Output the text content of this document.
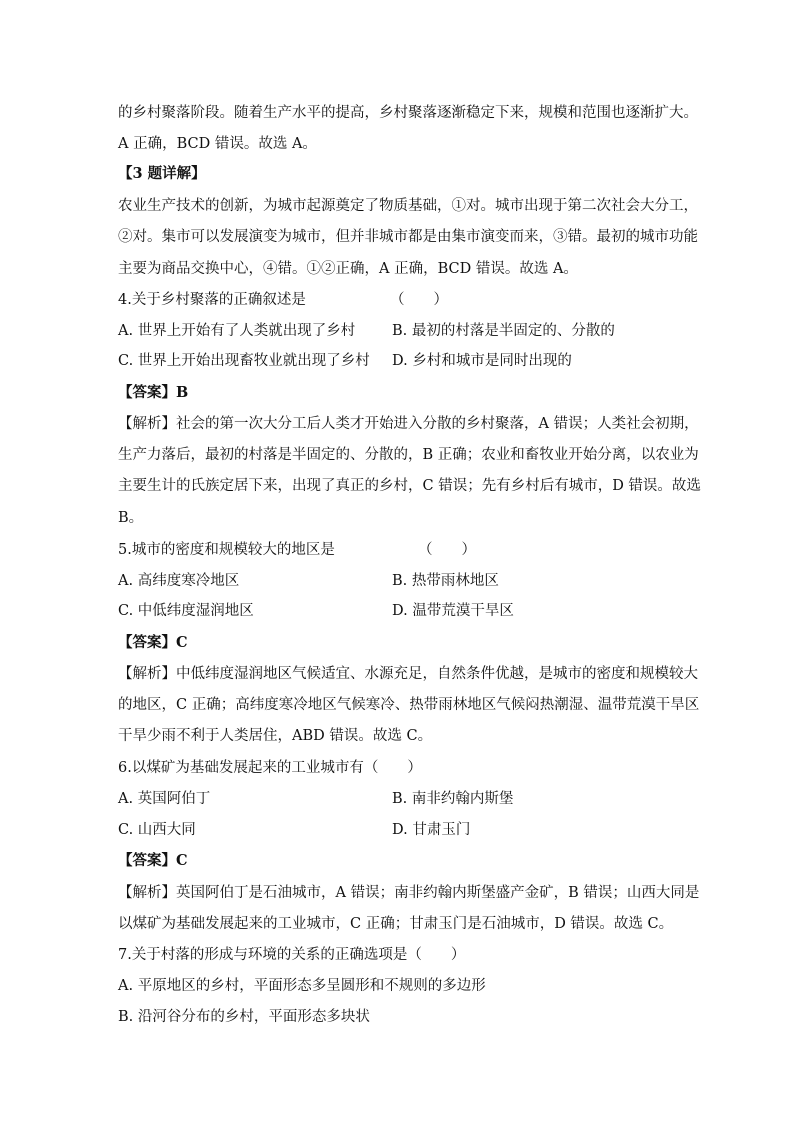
的乡村聚落阶段。随着生产水平的提高，乡村聚落逐渐稳定下来，规模和范围也逐渐扩大。
A 正确，BCD 错误。故选 A。
【3 题详解】
农业生产技术的创新，为城市起源奠定了物质基础，①对。城市出现于第二次社会大分工，
②对。集市可以发展演变为城市，但并非城市都是由集市演变而来，③错。最初的城市功能
主要为商品交换中心，④错。①②正确，A 正确，BCD 错误。故选 A。
4.关于乡村聚落的正确叙述是	（　　）
A. 世界上开始有了人类就出现了乡村	B. 最初的村落是半固定的、分散的
C. 世界上开始出现畜牧业就出现了乡村 D. 乡村和城市是同时出现的
【答案】B
【解析】社会的第一次大分工后人类才开始进入分散的乡村聚落，A 错误；人类社会初期，
生产力落后，最初的村落是半固定的、分散的，B 正确；农业和畜牧业开始分离，以农业为
主要生计的氏族定居下来，出现了真正的乡村，C 错误；先有乡村后有城市，D 错误。故选
B。
5.城市的密度和规模较大的地区是	（　　）
A. 高纬度寒冷地区	B. 热带雨林地区
C. 中低纬度湿润地区	D. 温带荒漠干旱区
【答案】C
【解析】中低纬度湿润地区气候适宜、水源充足，自然条件优越，是城市的密度和规模较大
的地区，C 正确；高纬度寒冷地区气候寒冷、热带雨林地区气候闷热潮湿、温带荒漠干旱区
干旱少雨不利于人类居住，ABD 错误。故选 C。
6.以煤矿为基础发展起来的工业城市有（　　）
A. 英国阿伯丁	B. 南非约翰内斯堡
C. 山西大同	D. 甘肃玉门
【答案】C
【解析】英国阿伯丁是石油城市，A 错误；南非约翰内斯堡盛产金矿，B 错误；山西大同是
以煤矿为基础发展起来的工业城市，C 正确；甘肃玉门是石油城市，D 错误。故选 C。
7.关于村落的形成与环境的关系的正确选项是（　　）
A. 平原地区的乡村，平面形态多呈圆形和不规则的多边形
B. 沿河谷分布的乡村，平面形态多块状
